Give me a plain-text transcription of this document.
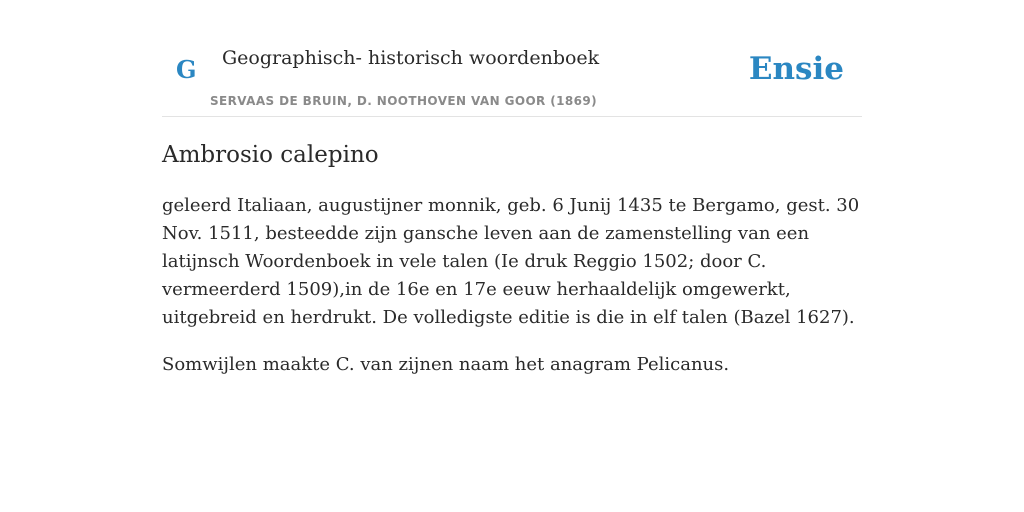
G Geographisch- historisch woordenboek
SERVAAS DE BRUIN, D. NOOTHOVEN VAN GOOR (1869)
Ensie
Ambrosio calepino

geleerd Italiaan, augustijner monnik, geb. 6 Junij 1435 te Bergamo, gest. 30 Nov. 1511, besteedde zijn gansche leven aan de zamenstelling van een latijnsch Woordenboek in vele talen (Ie druk Reggio 1502; door C. vermeerderd 1509),in de 16e en 17e eeuw herhaaldelijk omgewerkt, uitgebreid en herdrukt. De volledigste editie is die in elf talen (Bazel 1627).

Somwijlen maakte C. van zijnen naam het anagram Pelicanus.
